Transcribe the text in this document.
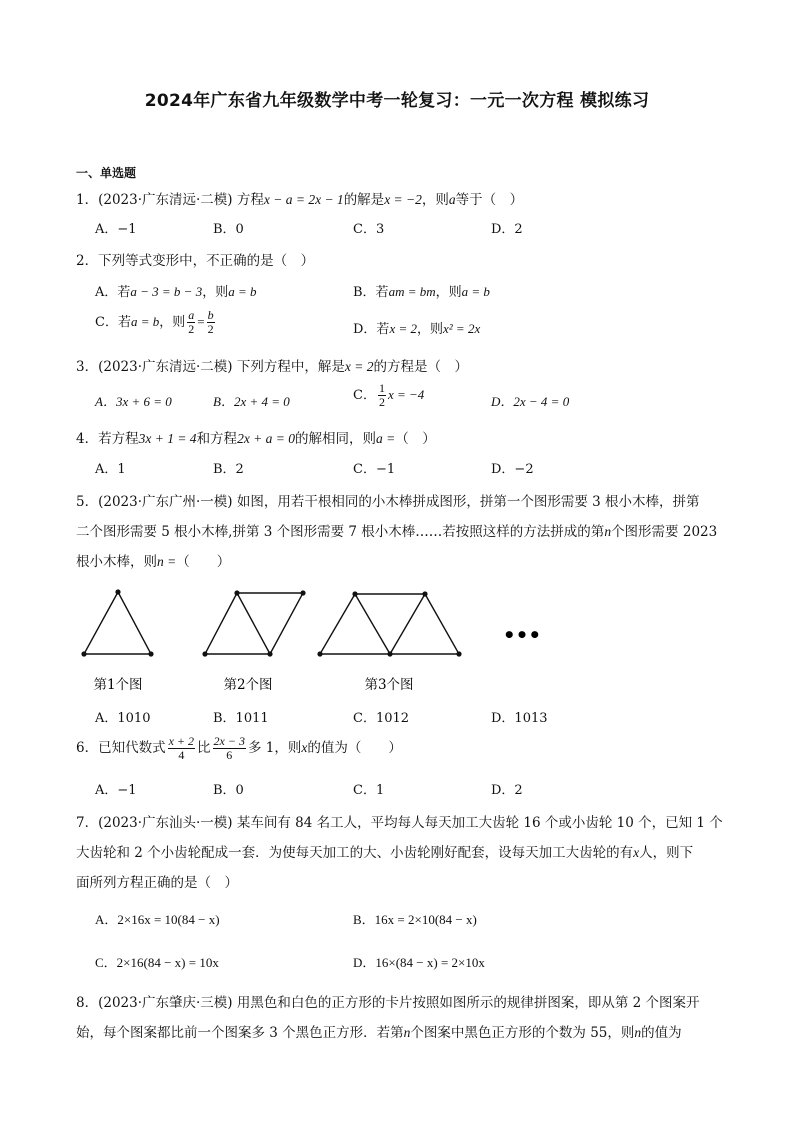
2024年广东省九年级数学中考一轮复习：一元一次方程 模拟练习
一、单选题
1．(2023·广东清远·二模) 方程x − a = 2x − 1的解是x = −2，则a等于（　）
A．−1	B．0	C．3	D．2
2．下列等式变形中，不正确的是（　）
A．若a − 3 = b − 3，则a = b	B．若am = bm，则a = b
C．若a = b，则 $\frac{a}{2} = \frac{b}{2}$	D．若x = 2，则x² = 2x
3．(2023·广东清远·二模) 下列方程中，解是x = 2的方程是（　）
A．3x + 6 = 0	B．2x + 4 = 0	C． $\frac{1}{2}$ x = −4	D．2x − 4 = 0
4．若方程3x + 1 = 4和方程2x + a = 0的解相同，则a =（　）
A．1	B．2	C．−1	D．−2
5．(2023·广东广州·一模) 如图，用若干根相同的小木棒拼成图形，拼第一个图形需要 3 根小木棒，拼第
二个图形需要 5 根小木棒,拼第 3 个图形需要 7 根小木棒……若按照这样的方法拼成的第n个图形需要 2023
根小木棒，则n =（　　）
•••
第1个图	第2个图	第3个图
A．1010	B．1011	C．1012	D．1013
6．已知代数式 $\frac{x + 2}{4}$ 比 $\frac{2x - 3}{6}$ 多 1，则x的值为（　　）
A．−1	B．0	C．1	D．2
7．(2023·广东汕头·一模) 某车间有 84 名工人，平均每人每天加工大齿轮 16 个或小齿轮 10 个，已知 1 个
大齿轮和 2 个小齿轮配成一套．为使每天加工的大、小齿轮刚好配套，设每天加工大齿轮的有x人，则下
面所列方程正确的是（　）
A．2×16x = 10(84 − x)	B．16x = 2×10(84 − x)
C．2×16(84 − x) = 10x	D．16×(84 − x) = 2×10x
8．(2023·广东肇庆·三模) 用黑色和白色的正方形的卡片按照如图所示的规律拼图案，即从第 2 个图案开
始，每个图案都比前一个图案多 3 个黑色正方形．若第n个图案中黑色正方形的个数为 55，则n的值为
